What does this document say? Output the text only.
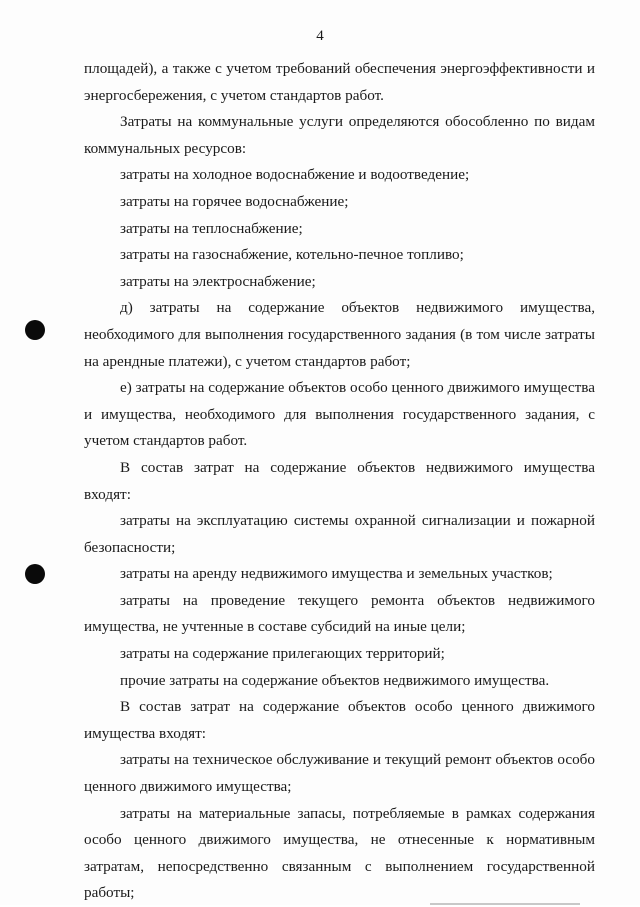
4

площадей), а также с учетом требований обеспечения энергоэффективности и энергосбережения, с учетом стандартов работ.

Затраты на коммунальные услуги определяются обособленно по видам коммунальных ресурсов:

затраты на холодное водоснабжение и водоотведение;

затраты на горячее водоснабжение;

затраты на теплоснабжение;

затраты на газоснабжение, котельно-печное топливо;

затраты на электроснабжение;

д) затраты на содержание объектов недвижимого имущества, необходимого для выполнения государственного задания (в том числе затраты на арендные платежи), с учетом стандартов работ;

е) затраты на содержание объектов особо ценного движимого имущества и имущества, необходимого для выполнения государственного задания, с учетом стандартов работ.

В состав затрат на содержание объектов недвижимого имущества входят:

затраты на эксплуатацию системы охранной сигнализации и пожарной безопасности;

затраты на аренду недвижимого имущества и земельных участков;

затраты на проведение текущего ремонта объектов недвижимого имущества, не учтенные в составе субсидий на иные цели;

затраты на содержание прилегающих территорий;

прочие затраты на содержание объектов недвижимого имущества.

В состав затрат на содержание объектов особо ценного движимого имущества входят:

затраты на техническое обслуживание и текущий ремонт объектов особо ценного движимого имущества;

затраты на материальные запасы, потребляемые в рамках содержания особо ценного движимого имущества, не отнесенные к нормативным затратам, непосредственно связанным с выполнением государственной работы;
